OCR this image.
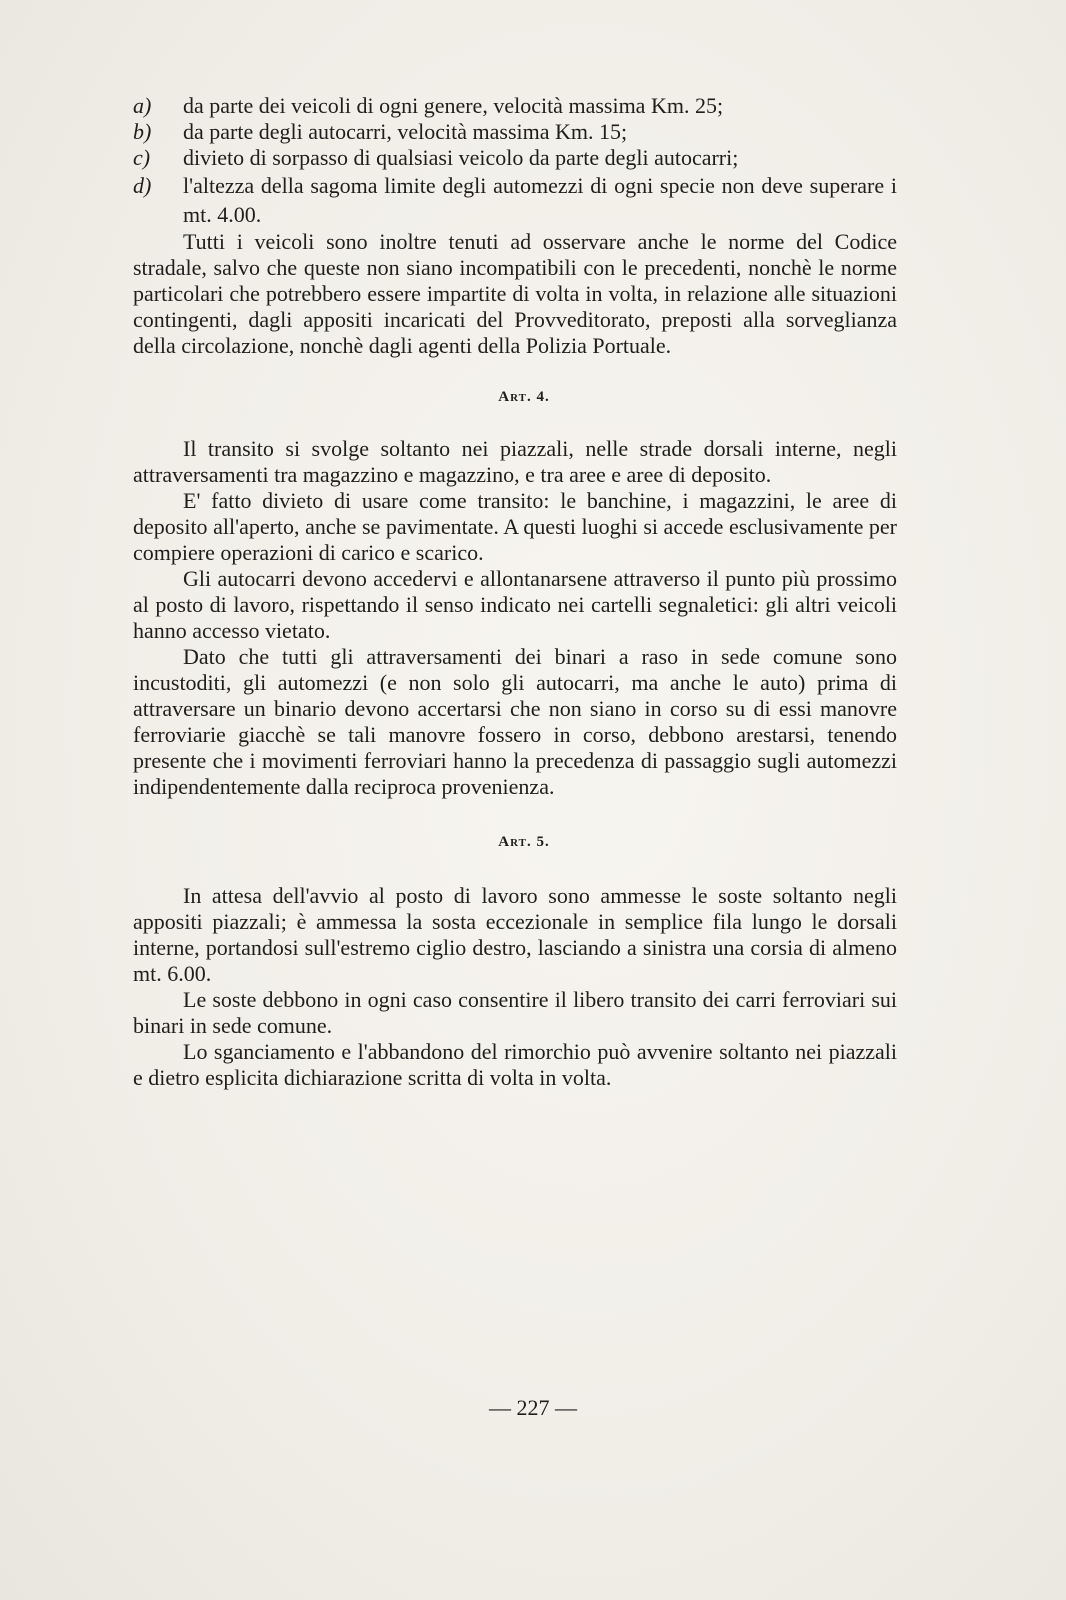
a) da parte dei veicoli di ogni genere, velocità massima Km. 25;
b) da parte degli autocarri, velocità massima Km. 15;
c) divieto di sorpasso di qualsiasi veicolo da parte degli autocarri;
d) l'altezza della sagoma limite degli automezzi di ogni specie non deve superare i mt. 4.00.

Tutti i veicoli sono inoltre tenuti ad osservare anche le norme del Codice stradale, salvo che queste non siano incompatibili con le precedenti, nonchè le norme particolari che potrebbero essere impartite di volta in volta, in relazione alle situazioni contingenti, dagli appositi incaricati del Provveditorato, preposti alla sorveglianza della circolazione, nonchè dagli agenti della Polizia Portuale.

Art. 4.

Il transito si svolge soltanto nei piazzali, nelle strade dorsali interne, negli attraversamenti tra magazzino e magazzino, e tra aree e aree di deposito.

E' fatto divieto di usare come transito: le banchine, i magazzini, le aree di deposito all'aperto, anche se pavimentate. A questi luoghi si accede esclusivamente per compiere operazioni di carico e scarico.

Gli autocarri devono accedervi e allontanarsene attraverso il punto più prossimo al posto di lavoro, rispettando il senso indicato nei cartelli segnaletici: gli altri veicoli hanno accesso vietato.

Dato che tutti gli attraversamenti dei binari a raso in sede comune sono incustoditi, gli automezzi (e non solo gli autocarri, ma anche le auto) prima di attraversare un binario devono accertarsi che non siano in corso su di essi manovre ferroviarie giacchè se tali manovre fossero in corso, debbono arestarsi, tenendo presente che i movimenti ferroviari hanno la precedenza di passaggio sugli automezzi indipendentemente dalla reciproca provenienza.

Art. 5.

In attesa dell'avvio al posto di lavoro sono ammesse le soste soltanto negli appositi piazzali; è ammessa la sosta eccezionale in semplice fila lungo le dorsali interne, portandosi sull'estremo ciglio destro, lasciando a sinistra una corsia di almeno mt. 6.00.

Le soste debbono in ogni caso consentire il libero transito dei carri ferroviari sui binari in sede comune.

Lo sganciamento e l'abbandono del rimorchio può avvenire soltanto nei piazzali e dietro esplicita dichiarazione scritta di volta in volta.

— 227 —
